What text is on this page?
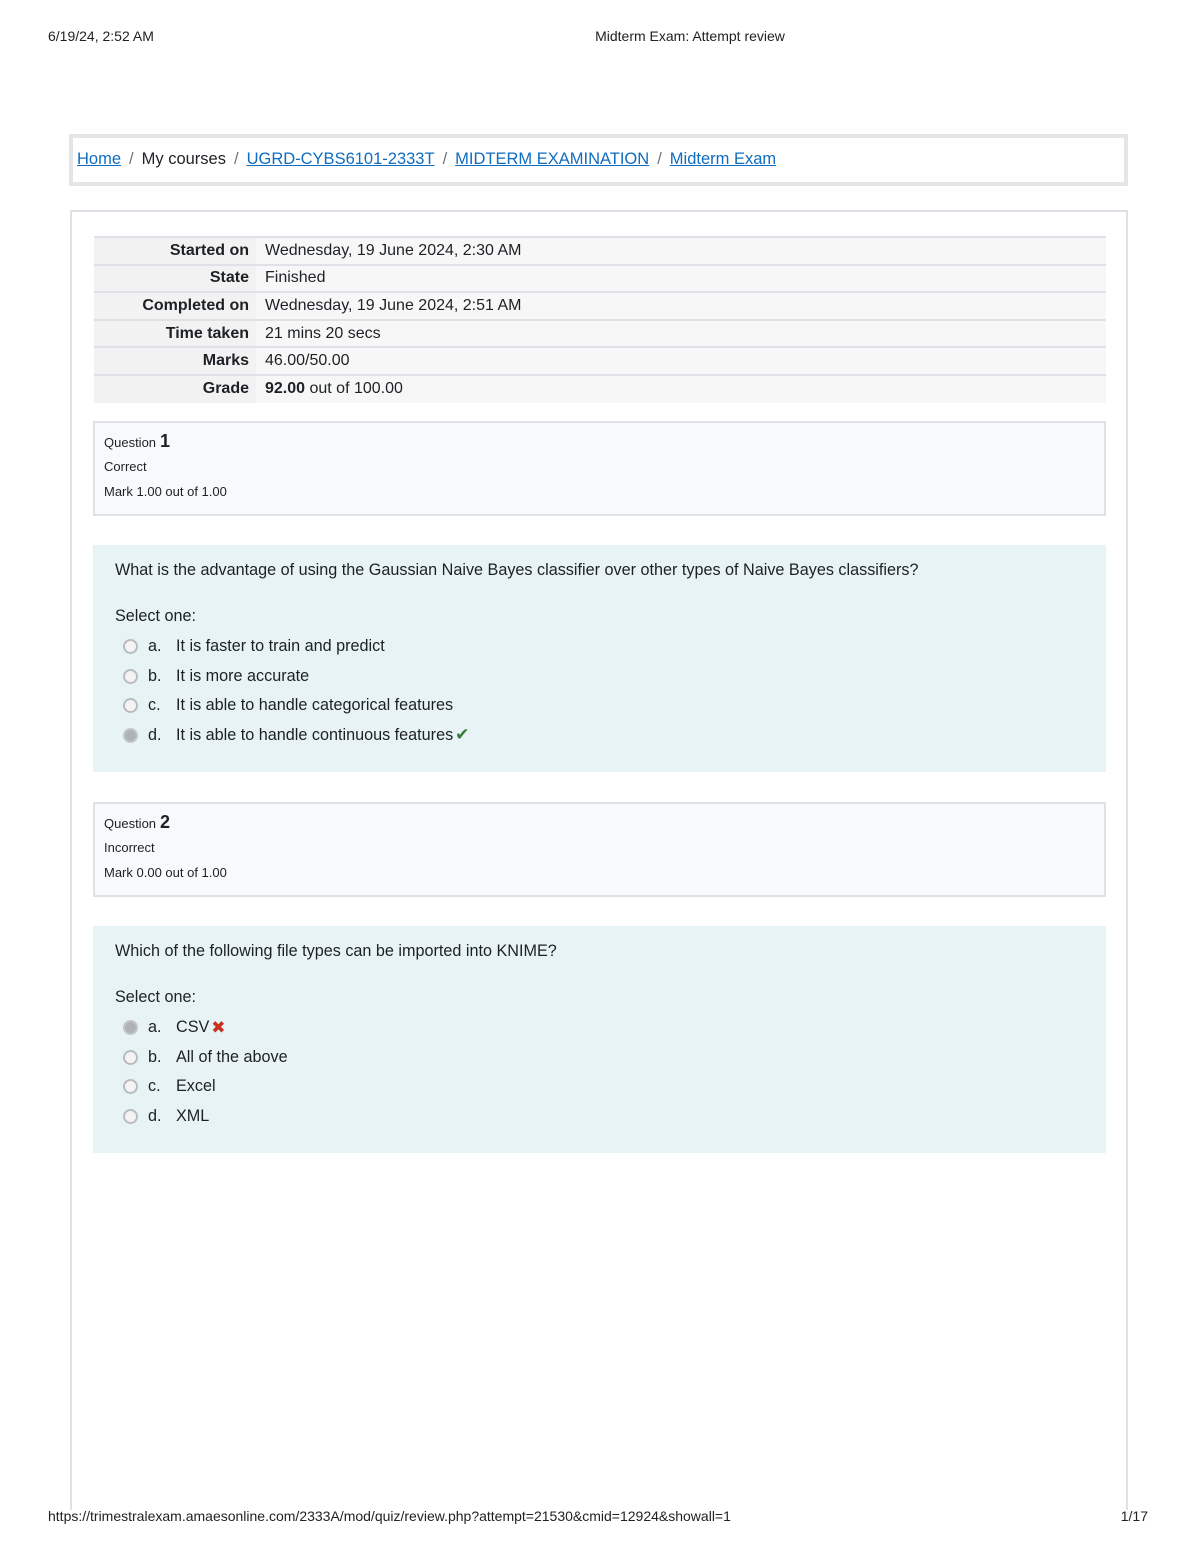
6/19/24, 2:52 AM	Midterm Exam: Attempt review
Home / My courses / UGRD-CYBS6101-2333T / MIDTERM EXAMINATION / Midterm Exam
Started on	Wednesday, 19 June 2024, 2:30 AM
State	Finished
Completed on	Wednesday, 19 June 2024, 2:51 AM
Time taken	21 mins 20 secs
Marks	46.00/50.00
Grade	92.00 out of 100.00
Question 1
Correct
Mark 1.00 out of 1.00
What is the advantage of using the Gaussian Naive Bayes classifier over other types of Naive Bayes classifiers?
Select one:
a. It is faster to train and predict
b. It is more accurate
c. It is able to handle categorical features
d. It is able to handle continuous features ✔
Question 2
Incorrect
Mark 0.00 out of 1.00
Which of the following file types can be imported into KNIME?
Select one:
a. CSV ✖
b. All of the above
c. Excel
d. XML
https://trimestralexam.amaesonline.com/2333A/mod/quiz/review.php?attempt=21530&cmid=12924&showall=1	1/17
